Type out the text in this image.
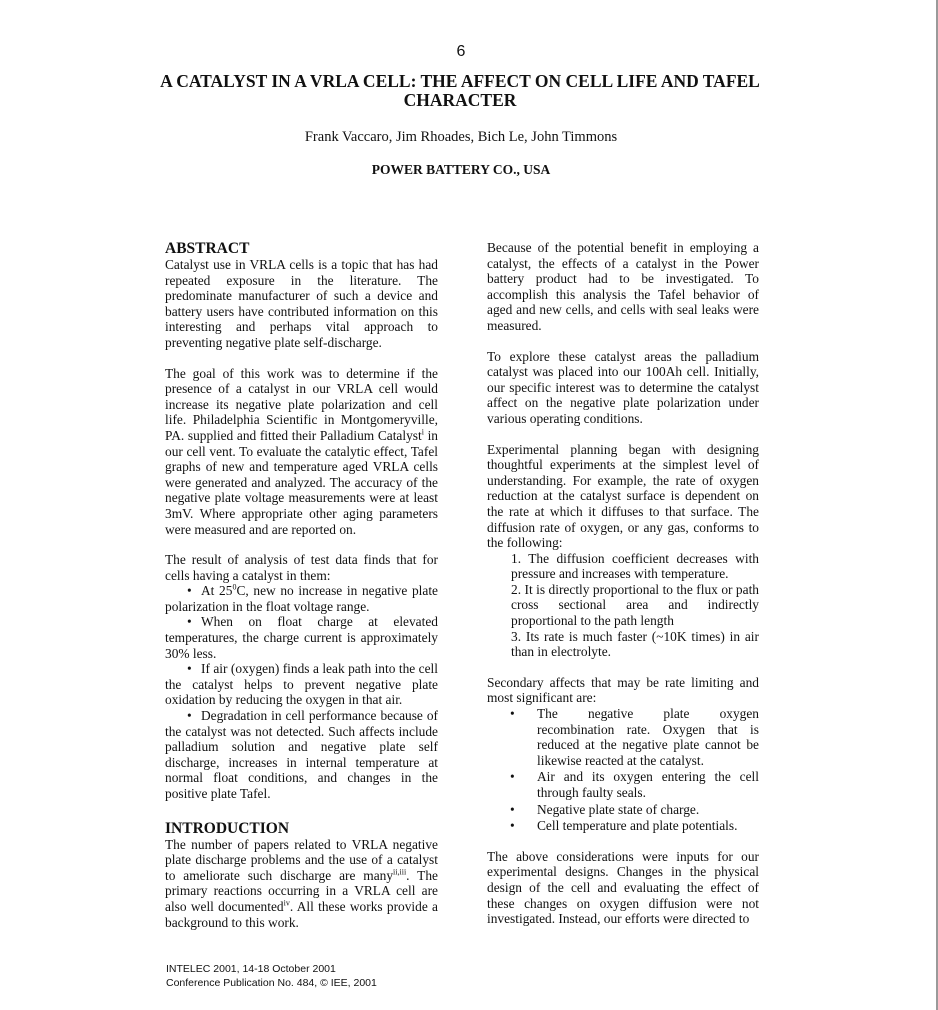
6
A CATALYST IN A VRLA CELL: THE AFFECT ON CELL LIFE AND TAFEL
CHARACTER
Frank Vaccaro, Jim Rhoades, Bich Le, John Timmons
POWER BATTERY CO., USA

ABSTRACT

Catalyst use in VRLA cells is a topic that has had repeated exposure in the literature. The predominate manufacturer of such a device and battery users have contributed information on this interesting and perhaps vital approach to preventing negative plate self-discharge.

The goal of this work was to determine if the presence of a catalyst in our VRLA cell would increase its negative plate polarization and cell life. Philadelphia Scientific in Montgomeryville, PA. supplied and fitted their Palladium Catalyst$^i$ in our cell vent. To evaluate the catalytic effect, Tafel graphs of new and temperature aged VRLA cells were generated and analyzed. The accuracy of the negative plate voltage measurements were at least 3mV. Where appropriate other aging parameters were measured and are reported on.

The result of analysis of test data finds that for cells having a catalyst in them:

• At $25^0C$, new no increase in negative plate polarization in the float voltage range.

• When on float charge at elevated temperatures, the charge current is approximately 30% less.

• If air (oxygen) finds a leak path into the cell the catalyst helps to prevent negative plate oxidation by reducing the oxygen in that air.

• Degradation in cell performance because of the catalyst was not detected. Such affects include palladium solution and negative plate self discharge, increases in internal temperature at normal float conditions, and changes in the positive plate Tafel.

INTRODUCTION

The number of papers related to VRLA negative plate discharge problems and the use of a catalyst to ameliorate such discharge are many$^{ii,iii}$. The primary reactions occurring in a VRLA cell are also well documented$^{iv}$. All these works provide a background to this work.

Because of the potential benefit in employing a catalyst, the effects of a catalyst in the Power battery product had to be investigated. To accomplish this analysis the Tafel behavior of aged and new cells, and cells with seal leaks were measured.

To explore these catalyst areas the palladium catalyst was placed into our 100Ah cell. Initially, our specific interest was to determine the catalyst affect on the negative plate polarization under various operating conditions.

Experimental planning began with designing thoughtful experiments at the simplest level of understanding. For example, the rate of oxygen reduction at the catalyst surface is dependent on the rate at which it diffuses to that surface. The diffusion rate of oxygen, or any gas, conforms to the following:

1. The diffusion coefficient decreases with pressure and increases with temperature.
2. It is directly proportional to the flux or path cross sectional area and indirectly proportional to the path length
3. Its rate is much faster (~10K times) in air than in electrolyte.

Secondary affects that may be rate limiting and most significant are:

• The negative plate oxygen recombination rate. Oxygen that is reduced at the negative plate cannot be likewise reacted at the catalyst.
• Air and its oxygen entering the cell through faulty seals.
• Negative plate state of charge.
• Cell temperature and plate potentials.

The above considerations were inputs for our experimental designs. Changes in the physical design of the cell and evaluating the effect of these changes on oxygen diffusion were not investigated. Instead, our efforts were directed to

INTELEC 2001, 14-18 October 2001
Conference Publication No. 484, © IEE, 2001
